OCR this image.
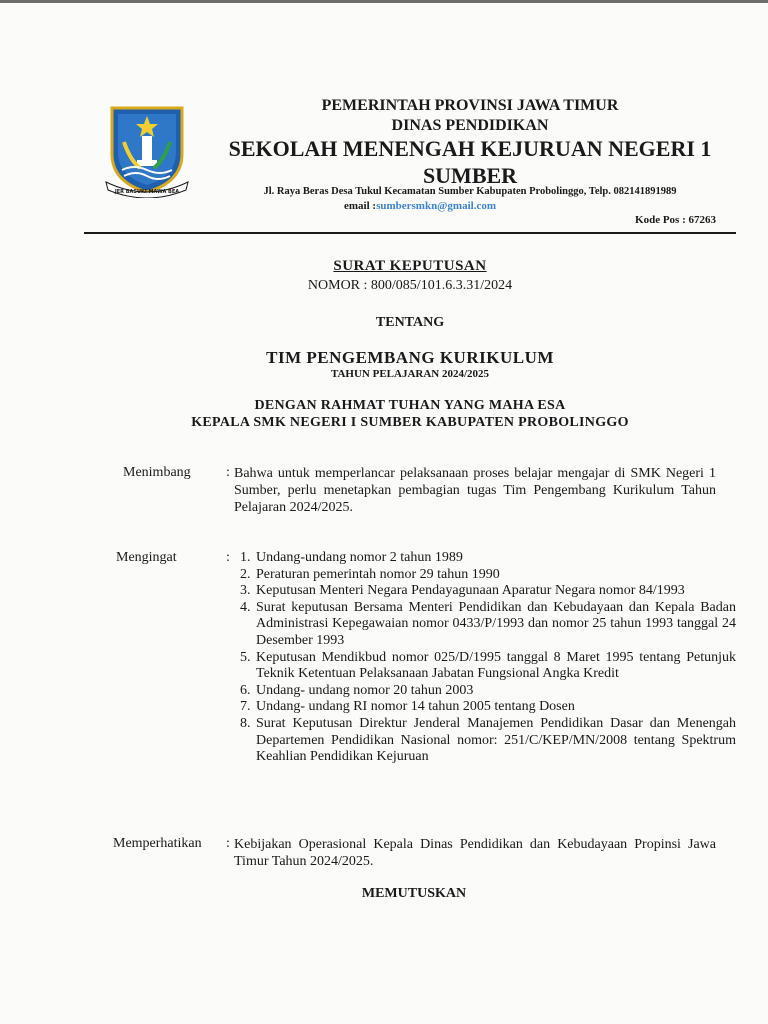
JER BASUKI MAWA BEA
PEMERINTAH PROVINSI JAWA TIMUR
DINAS PENDIDIKAN
SEKOLAH MENENGAH KEJURUAN NEGERI 1
SUMBER
Jl. Raya Beras Desa Tukul Kecamatan Sumber Kabupaten Probolinggo, Telp. 082141891989
email :sumbersmkn@gmail.com
Kode Pos : 67263
SURAT KEPUTUSAN
NOMOR : 800/085/101.6.3.31/2024
TENTANG
TIM PENGEMBANG KURIKULUM
TAHUN PELAJARAN 2024/2025
DENGAN RAHMAT TUHAN YANG MAHA ESA
KEPALA SMK NEGERI I SUMBER KABUPATEN PROBOLINGGO
Menimbang	: Bahwa untuk memperlancar pelaksanaan proses belajar mengajar di SMK Negeri 1 Sumber, perlu menetapkan pembagian tugas Tim Pengembang Kurikulum Tahun Pelajaran 2024/2025.
Mengingat	:
1. Undang-undang nomor 2 tahun 1989
2. Peraturan pemerintah nomor 29 tahun 1990
3. Keputusan Menteri Negara Pendayagunaan Aparatur Negara nomor 84/1993
4. Surat keputusan Bersama Menteri Pendidikan dan Kebudayaan dan Kepala Badan Administrasi Kepegawaian nomor 0433/P/1993 dan nomor 25 tahun 1993 tanggal 24 Desember 1993
5. Keputusan Mendikbud nomor 025/D/1995 tanggal 8 Maret 1995 tentang Petunjuk Teknik Ketentuan Pelaksanaan Jabatan Fungsional Angka Kredit
6. Undang- undang nomor 20 tahun 2003
7. Undang- undang RI nomor 14 tahun 2005 tentang Dosen
8. Surat Keputusan Direktur Jenderal Manajemen Pendidikan Dasar dan Menengah Departemen Pendidikan Nasional nomor: 251/C/KEP/MN/2008 tentang Spektrum Keahlian Pendidikan Kejuruan
Memperhatikan : Kebijakan Operasional Kepala Dinas Pendidikan dan Kebudayaan Propinsi Jawa Timur Tahun 2024/2025.
MEMUTUSKAN
